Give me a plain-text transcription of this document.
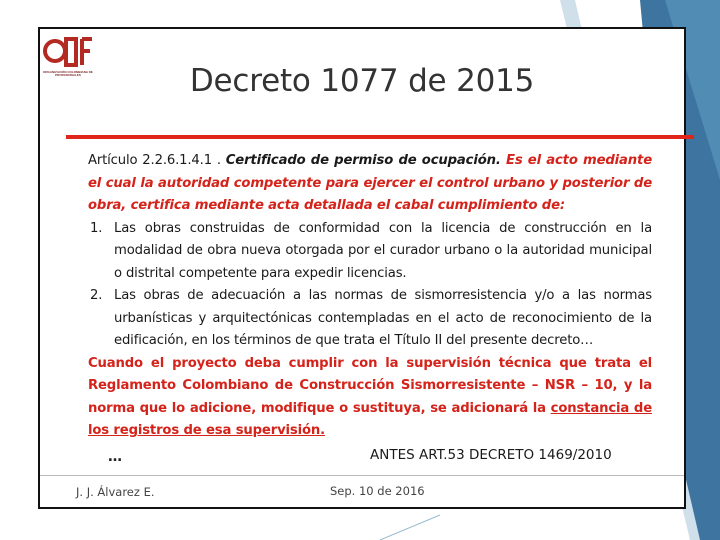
ORGANIZACIÓN COLOMBIANA DE PROFESIONALES	Decreto 1077 de 2015
Artículo 2.2.6.1.4.1 . Certificado de permiso de ocupación. Es el acto mediante el cual la autoridad competente para ejercer el control urbano y posterior de obra, certifica mediante acta detallada el cabal cumplimiento de:
1. Las obras construidas de conformidad con la licencia de construcción en la modalidad de obra nueva otorgada por el curador urbano o la autoridad municipal o distrital competente para expedir licencias.
2. Las obras de adecuación a las normas de sismorresistencia y/o a las normas urbanísticas y arquitectónicas contempladas en el acto de reconocimiento de la edificación, en los términos de que trata el Título II del presente decreto…
Cuando el proyecto deba cumplir con la supervisión técnica que trata el Reglamento Colombiano de Construcción Sismorresistente – NSR – 10, y la norma que lo adicione, modifique o sustituya, se adicionará la constancia de los registros de esa supervisión.
…	ANTES ART.53 DECRETO 1469/2010
J. J. Álvarez E.	Sep. 10 de 2016
